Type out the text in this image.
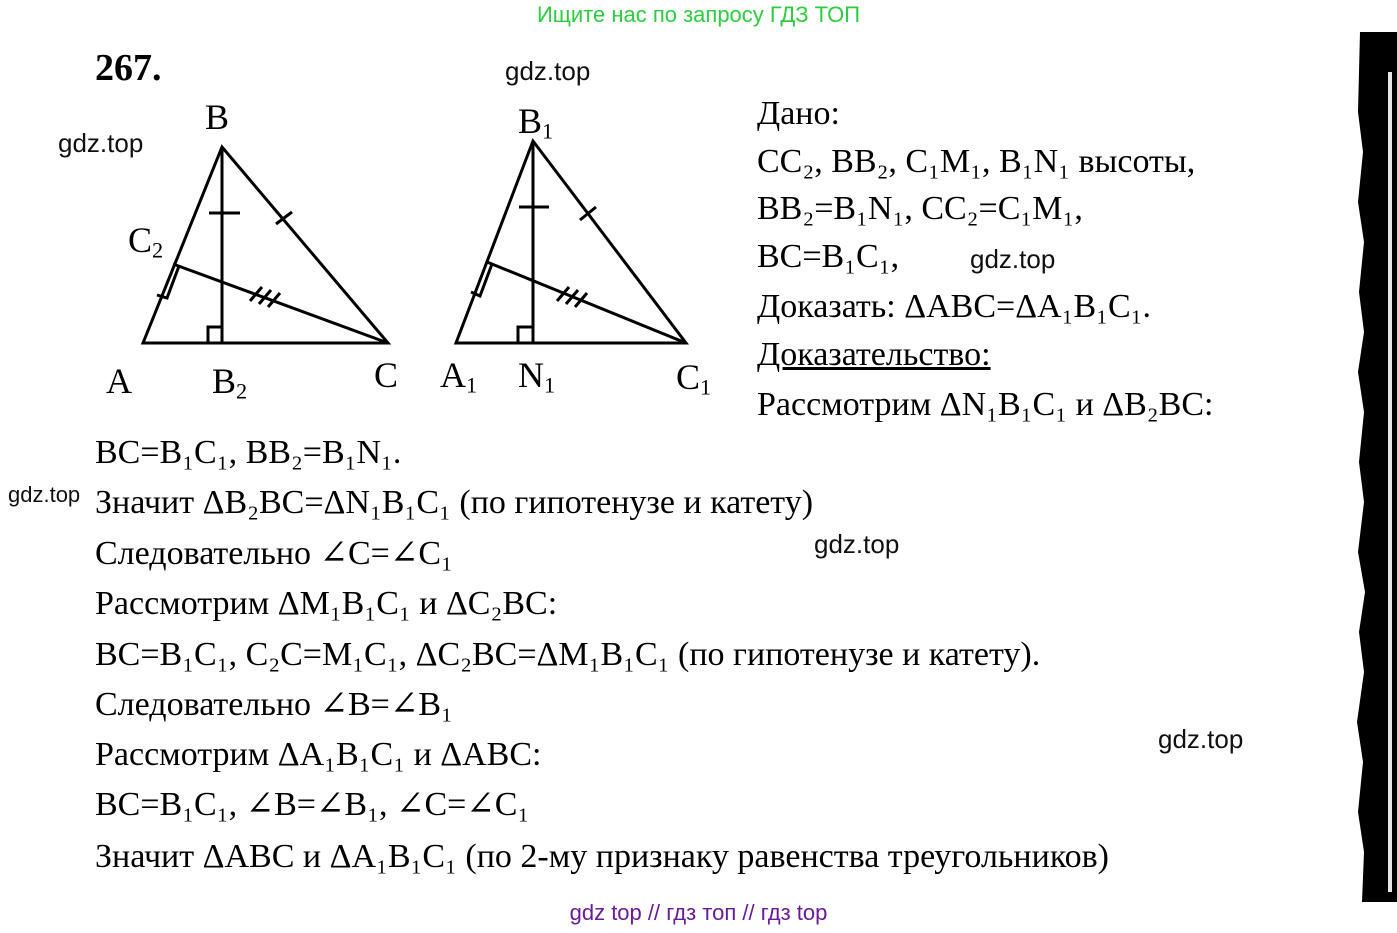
Ищите нас по запросу ГДЗ ТОП
267.	gdz.top
gdz.top
gdz.top
gdz.top
gdz.top
gdz.top
B
$C_2$
A $B_2$	C
$B_1$
$A_1$ $N_1$	$C_1$
Дано:
CC₂, BB₂, C₁M₁, B₁N₁ высоты,
BB₂=B₁N₁, CC₂=C₁M₁,
BC=B₁C₁,
Доказать: ΔABC=ΔA₁B₁C₁.
Доказательство:
Рассмотрим ΔN₁B₁C₁ и ΔB₂BC:
BC=B₁C₁, BB₂=B₁N₁.
Значит ΔB₂BC=ΔN₁B₁C₁ (по гипотенузе и катету)
Следовательно ∠C=∠C₁
Рассмотрим ΔM₁B₁C₁ и ΔC₂BC:
BC=B₁C₁, C₂C=M₁C₁, ΔC₂BC=ΔM₁B₁C₁ (по гипотенузе и катету).
Следовательно ∠B=∠B₁
Рассмотрим ΔA₁B₁C₁ и ΔABC:
BC=B₁C₁, ∠B=∠B₁, ∠C=∠C₁
Значит ΔABC и ΔA₁B₁C₁ (по 2-му признаку равенства треугольников)
gdz top // гдз топ // гдз top
